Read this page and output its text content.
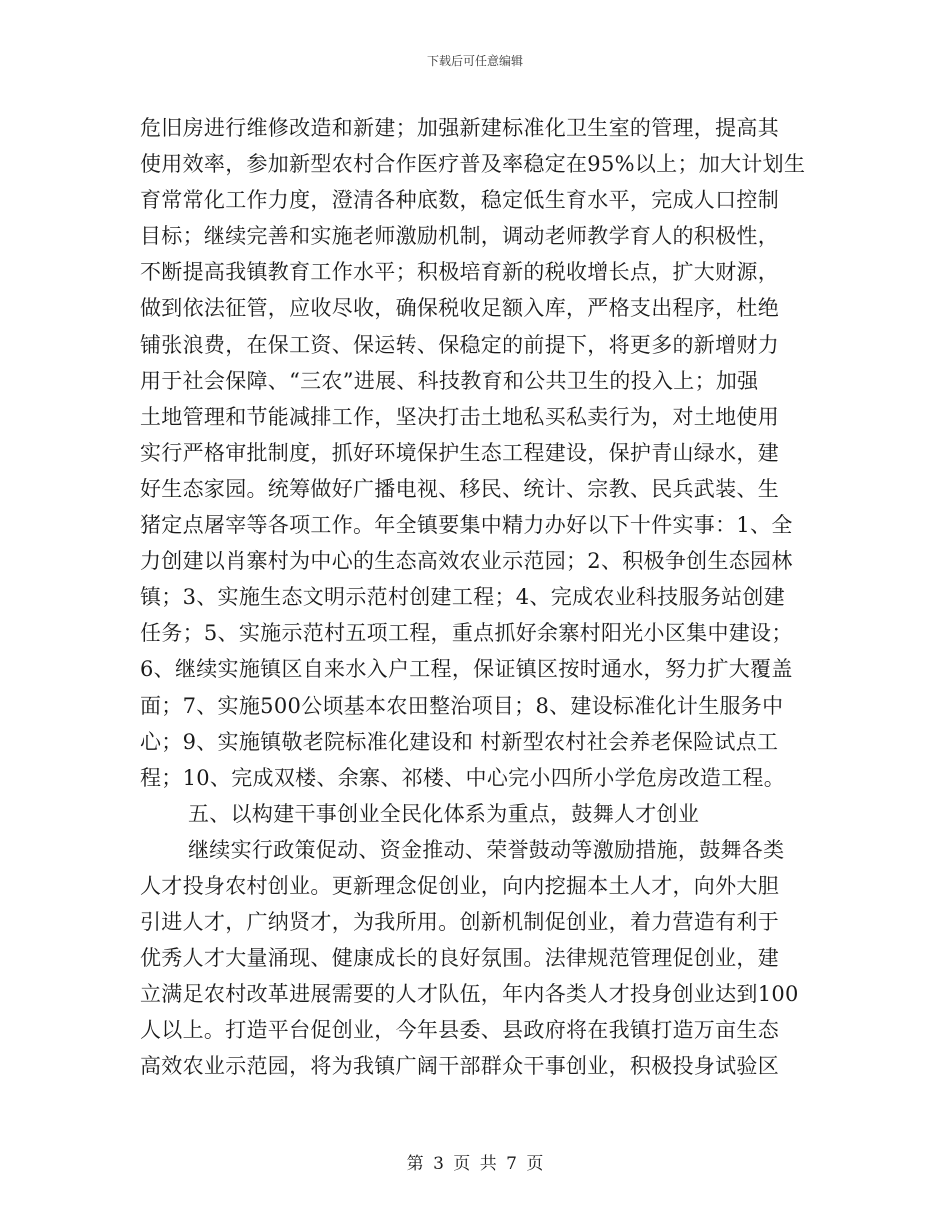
下载后可任意编辑
危旧房进行维修改造和新建；加强新建标准化卫生室的管理，提高其
使用效率，参加新型农村合作医疗普及率稳定在95%以上；加大计划生
育常常化工作力度，澄清各种底数，稳定低生育水平，完成人口控制
目标；继续完善和实施老师激励机制，调动老师教学育人的积极性，
不断提高我镇教育工作水平；积极培育新的税收增长点，扩大财源，
做到依法征管，应收尽收，确保税收足额入库，严格支出程序，杜绝
铺张浪费，在保工资、保运转、保稳定的前提下，将更多的新增财力
用于社会保障、“三农”进展、科技教育和公共卫生的投入上；加强
土地管理和节能减排工作，坚决打击土地私买私卖行为，对土地使用
实行严格审批制度，抓好环境保护生态工程建设，保护青山绿水，建
好生态家园。统筹做好广播电视、移民、统计、宗教、民兵武装、生
猪定点屠宰等各项工作。年全镇要集中精力办好以下十件实事：1、全
力创建以肖寨村为中心的生态高效农业示范园；2、积极争创生态园林
镇；3、实施生态文明示范村创建工程；4、完成农业科技服务站创建
任务；5、实施示范村五项工程，重点抓好余寨村阳光小区集中建设；
6、继续实施镇区自来水入户工程，保证镇区按时通水，努力扩大覆盖
面；7、实施500公顷基本农田整治项目；8、建设标准化计生服务中
心；9、实施镇敬老院标准化建设和 村新型农村社会养老保险试点工
程；10、完成双楼、余寨、祁楼、中心完小四所小学危房改造工程。
五、以构建干事创业全民化体系为重点，鼓舞人才创业
继续实行政策促动、资金推动、荣誉鼓动等激励措施，鼓舞各类
人才投身农村创业。更新理念促创业，向内挖掘本土人才，向外大胆
引进人才，广纳贤才，为我所用。创新机制促创业，着力营造有利于
优秀人才大量涌现、健康成长的良好氛围。法律规范管理促创业，建
立满足农村改革进展需要的人才队伍，年内各类人才投身创业达到100
人以上。打造平台促创业，今年县委、县政府将在我镇打造万亩生态
高效农业示范园，将为我镇广阔干部群众干事创业，积极投身试验区
第 3 页 共 7 页
